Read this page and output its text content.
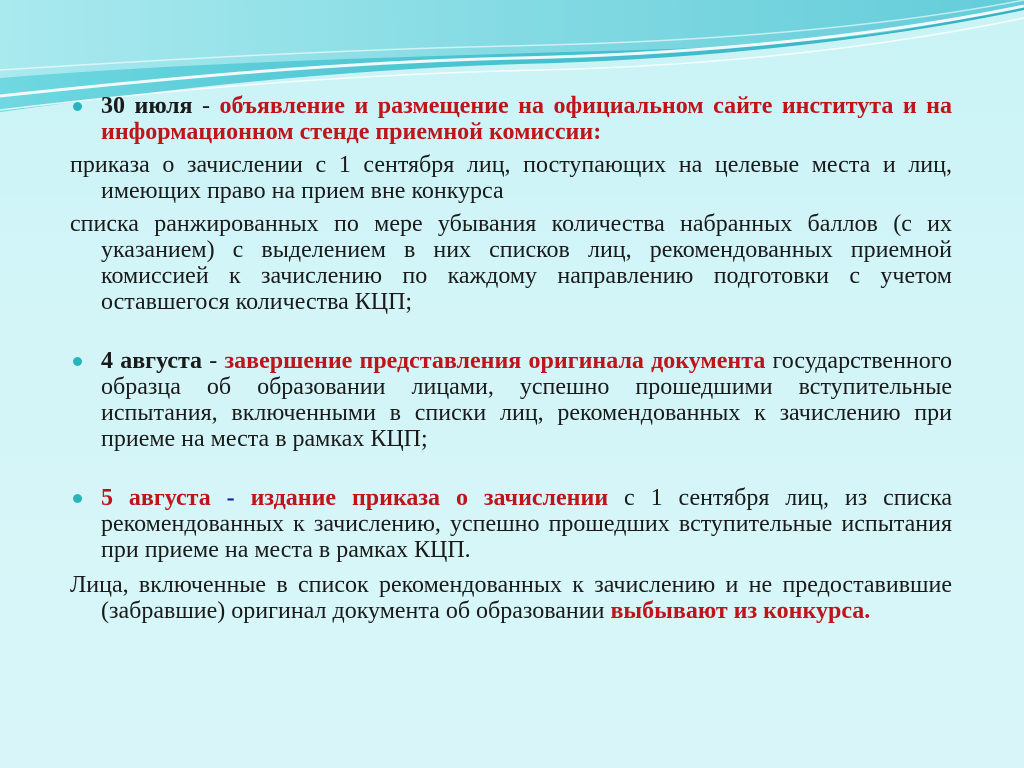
30 июля - объявление и размещение на официальном сайте института и на информационном стенде приемной комиссии:
приказа о зачислении с 1 сентября лиц, поступающих на целевые места и лиц, имеющих право на прием вне конкурса
списка ранжированных по мере убывания количества набранных баллов (с их указанием) с выделением в них списков лиц, рекомендованных приемной комиссией к зачислению по каждому направлению подготовки с учетом оставшегося количества КЦП;
4 августа - завершение представления оригинала документа государственного образца об образовании лицами, успешно прошедшими вступительные испытания, включенными в списки лиц, рекомендованных к зачислению при приеме на места в рамках КЦП;
5 августа - издание приказа о зачислении с 1 сентября лиц, из списка рекомендованных к зачислению, успешно прошедших вступительные испытания при приеме на места в рамках КЦП.
Лица, включенные в список рекомендованных к зачислению и не предоставившие (забравшие) оригинал документа об образовании выбывают из конкурса.
